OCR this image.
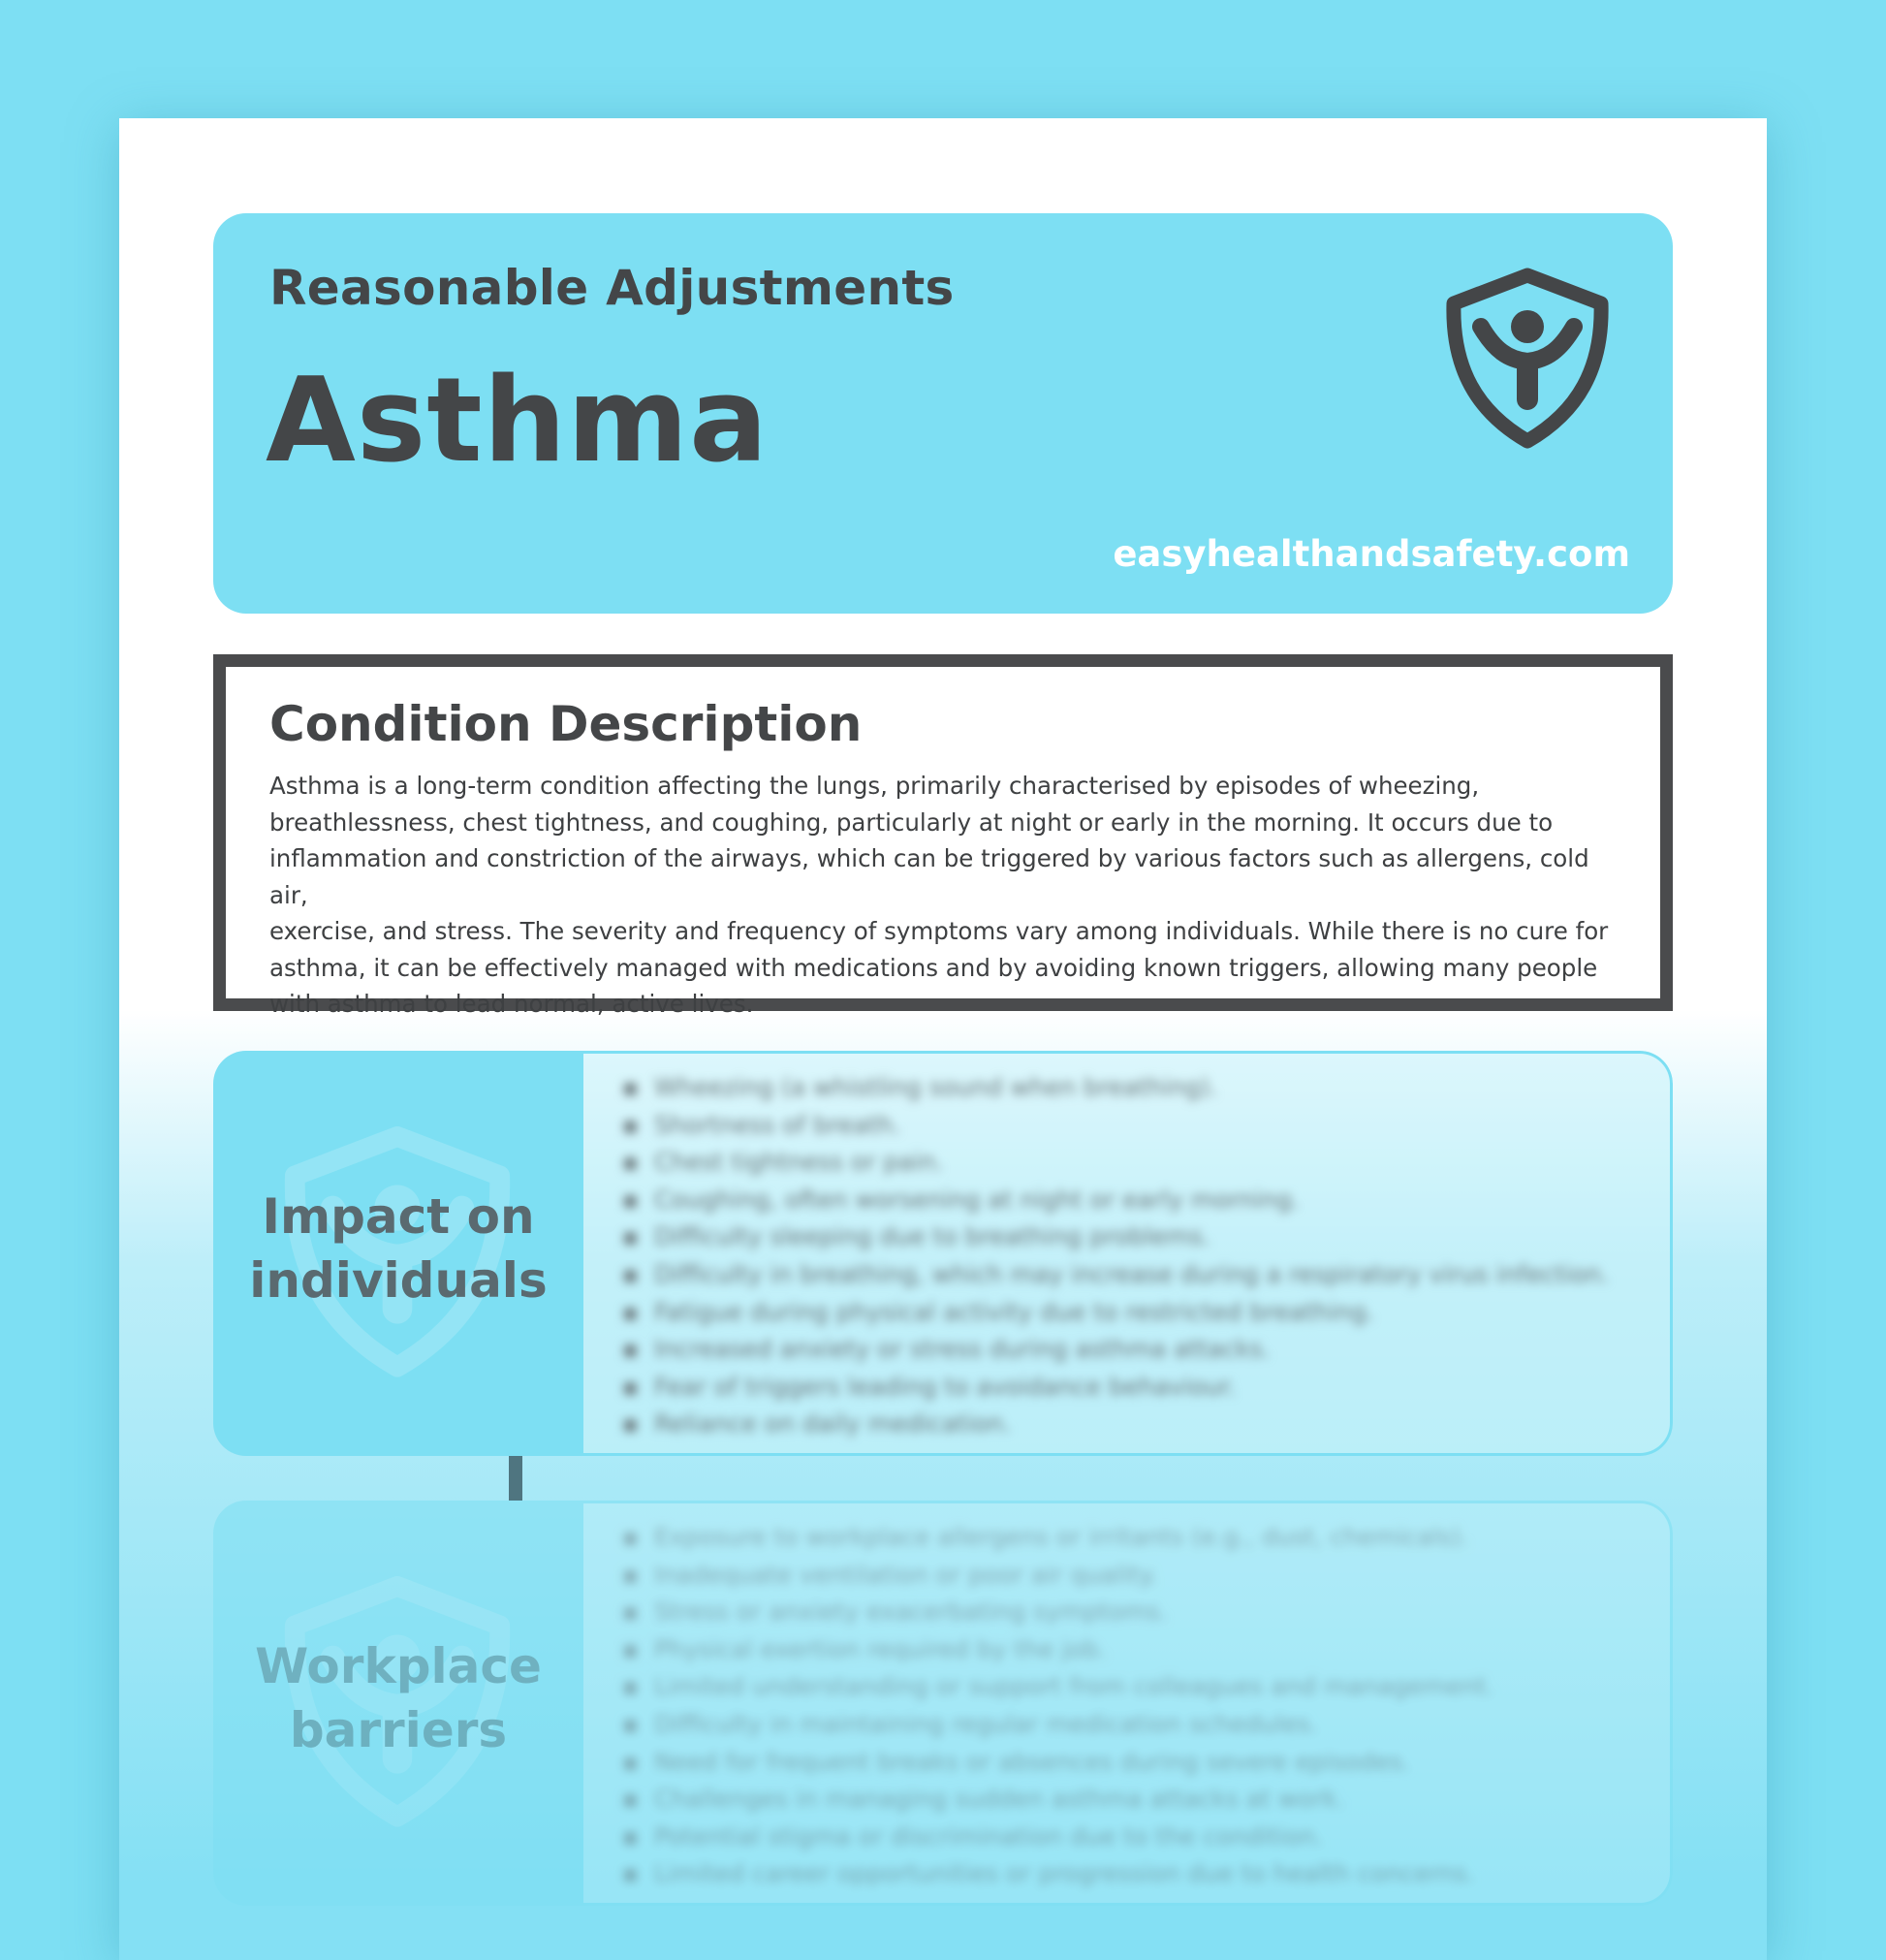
Reasonable Adjustments
Asthma
easyhealthandsafety.com
Condition Description

Asthma is a long-term condition affecting the lungs, primarily characterised by episodes of wheezing,
breathlessness, chest tightness, and coughing, particularly at night or early in the morning. It occurs due to
inflammation and constriction of the airways, which can be triggered by various factors such as allergens, cold air,
exercise, and stress. The severity and frequency of symptoms vary among individuals. While there is no cure for
asthma, it can be effectively managed with medications and by avoiding known triggers, allowing many people
with asthma to lead normal, active lives.

Impact on
individuals
▪ Wheezing (a whistling sound when breathing).
▪ Shortness of breath.
▪ Chest tightness or pain.
▪ Coughing, often worsening at night or early morning.
▪ Difficulty sleeping due to breathing problems.
▪ Difficulty in breathing, which may increase during a respiratory virus infection.
▪ Fatigue during physical activity due to restricted breathing.
▪ Increased anxiety or stress during asthma attacks.
▪ Fear of triggers leading to avoidance behaviour.
▪ Reliance on daily medication.
Workplace
barriers
▪ Exposure to workplace allergens or irritants (e.g., dust, chemicals).
▪ Inadequate ventilation or poor air quality.
▪ Stress or anxiety exacerbating symptoms.
▪ Physical exertion required by the job.
▪ Limited understanding or support from colleagues and management.
▪ Difficulty in maintaining regular medication schedules.
▪ Need for frequent breaks or absences during severe episodes.
▪ Challenges in managing sudden asthma attacks at work.
▪ Potential stigma or discrimination due to the condition.
▪ Limited career opportunities or progression due to health concerns.
